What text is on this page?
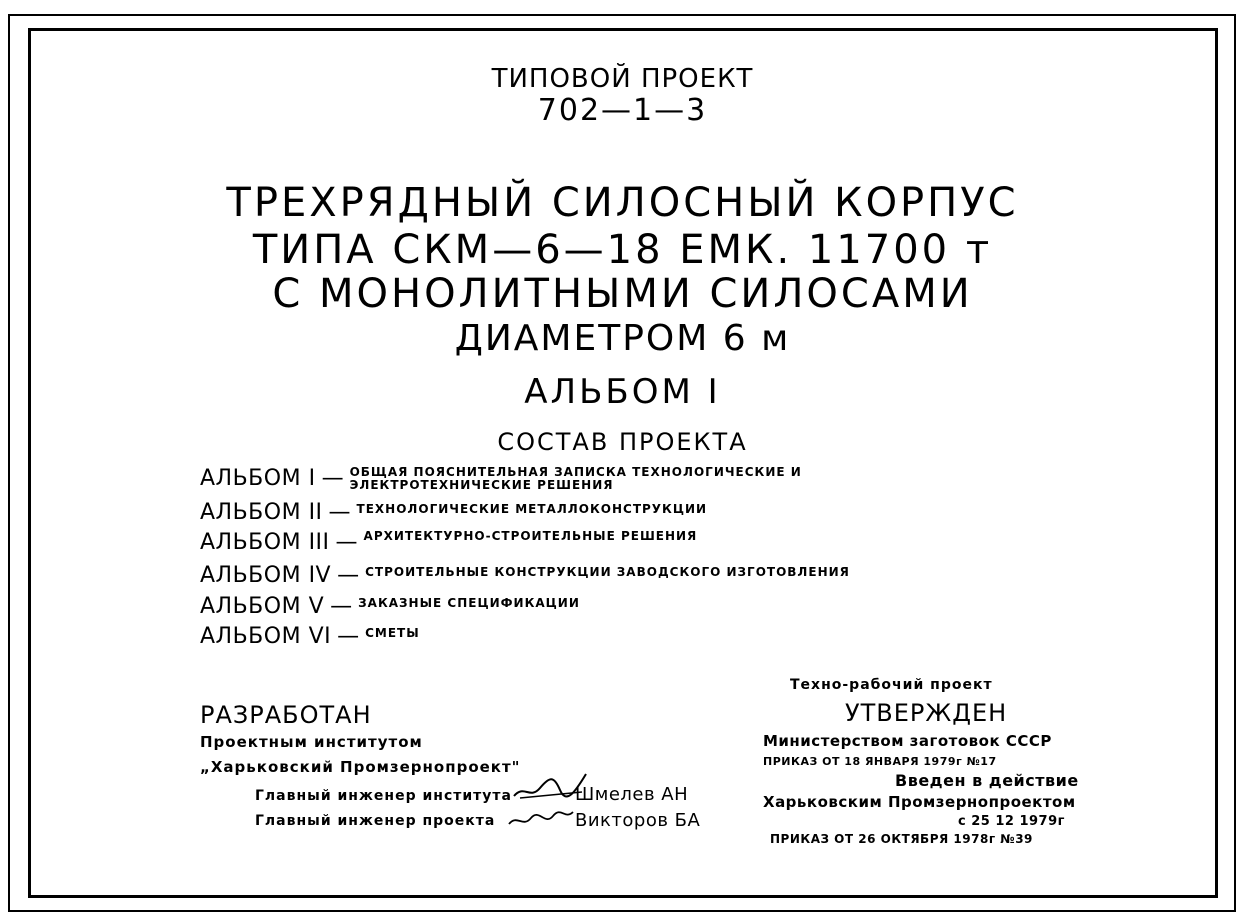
ТИПОВОЙ ПРОЕКТ
702—1—3
ТРЕХРЯДНЫЙ СИЛОСНЫЙ КОРПУС
ТИПА СКМ—6—18 ЕМК. 11700 т
С МОНОЛИТНЫМИ СИЛОСАМИ
ДИАМЕТРОМ 6 м
АЛЬБОМ I
СОСТАВ ПРОЕКТА
АЛЬБОМ I — ОБЩАЯ ПОЯСНИТЕЛЬНАЯ ЗАПИСКА ТЕХНОЛОГИЧЕСКИЕ И
ЭЛЕКТРОТЕХНИЧЕСКИЕ РЕШЕНИЯ
АЛЬБОМ II — ТЕХНОЛОГИЧЕСКИЕ МЕТАЛЛОКОНСТРУКЦИИ
АЛЬБОМ III — АРХИТЕКТУРНО-СТРОИТЕЛЬНЫЕ РЕШЕНИЯ
АЛЬБОМ IV — СТРОИТЕЛЬНЫЕ КОНСТРУКЦИИ ЗАВОДСКОГО ИЗГОТОВЛЕНИЯ
АЛЬБОМ V — ЗАКАЗНЫЕ СПЕЦИФИКАЦИИ
АЛЬБОМ VI — СМЕТЫ
РАЗРАБОТАН
Проектным институтом
„Харьковский Промзернопроект"
Главный инженер института	Шмелев АН
Главный инженер проекта	Викторов БА
Техно-рабочий проект
УТВЕРЖДЕН
Министерством заготовок СССР
ПРИКАЗ ОТ 18 ЯНВАРЯ 1979г №17
Введен в действие
Харьковским Промзернопроектом
с 25 12 1979г
ПРИКАЗ ОТ 26 ОКТЯБРЯ 1978г №39
